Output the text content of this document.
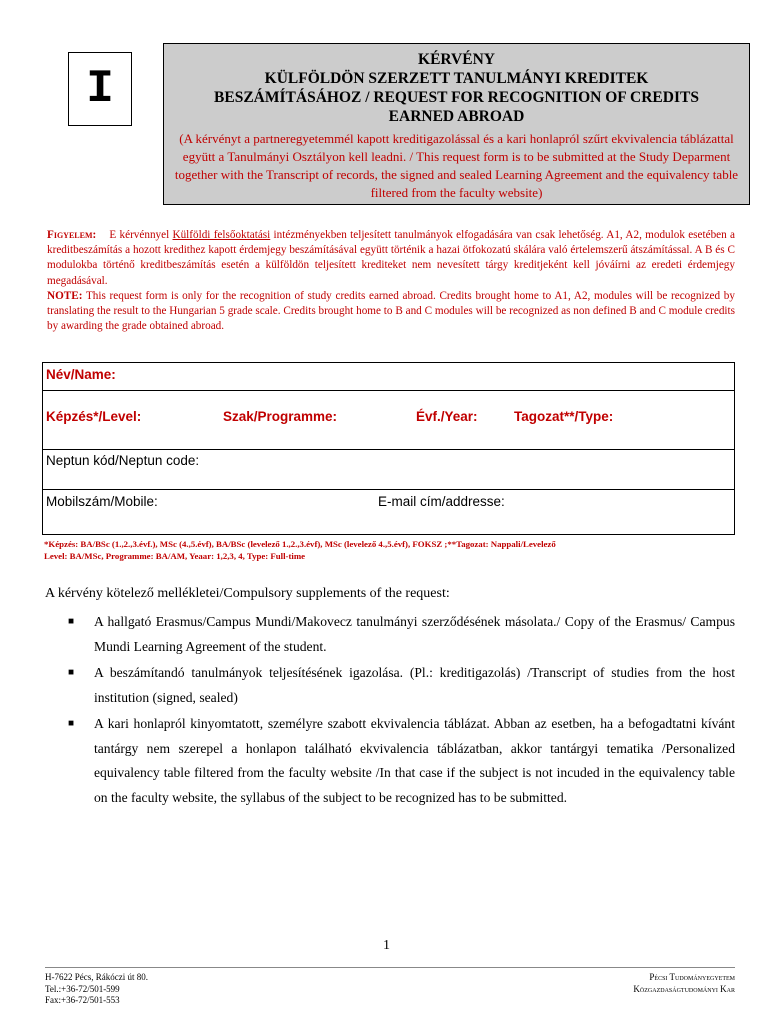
I
KÉRVÉNY
KÜLFÖLDÖN SZERZETT TANULMÁNYI KREDITEK
BESZÁMÍTÁSÁHOZ / REQUEST FOR RECOGNITION OF CREDITS
EARNED ABROAD
(A kérvényt a partneregyetemmél kapott kreditigazolással és a kari honlapról szűrt ekvivalencia táblázattal együtt a Tanulmányi Osztályon kell leadni. / This request form is to be submitted at the Study Deparment together with the Transcript of records, the signed and sealed Learning Agreement and the equivalency table filtered from the faculty website)
Figyelem: E kérvénnyel Külföldi felsőoktatási intézményekben teljesített tanulmányok elfogadására van csak lehetőség. A1, A2, modulok esetében a kreditbeszámítás a hozott kredithez kapott érdemjegy beszámításával együtt történik a hazai ötfokozatú skálára való értelemszerű átszámítással. A B és C modulokba történő kreditbeszámítás esetén a külföldön teljesített krediteket nem nevesített tárgy kreditjeként kell jóváírni az eredeti érdemjegy megadásával.
NOTE: This request form is only for the recognition of study credits earned abroad. Credits brought home to A1, A2, modules will be recognized by translating the result to the Hungarian 5 grade scale. Credits brought home to B and C modules will be recognized as non defined B and C module credits by awarding the grade obtained abroad.
Név/Name:
Képzés*/Level:	Szak/Programme:	Évf./Year:	Tagozat**/Type:
Neptun kód/Neptun code:
Mobilszám/Mobile:	E-mail cím/addresse:
*Képzés: BA/BSc (1.,2.,3.évf.), MSc (4.,5.évf), BA/BSc (levelező 1.,2.,3.évf), MSc (levelező 4.,5.évf), FOKSZ ;**Tagozat: Nappali/Levelező
Level: BA/MSc, Programme: BA/AM, Yeaar: 1,2,3, 4, Type: Full-time
A kérvény kötelező mellékletei/Compulsory supplements of the request:
■ A hallgató Erasmus/Campus Mundi/Makovecz tanulmányi szerződésének másolata./ Copy of the Erasmus/ Campus Mundi Learning Agreement of the student.
■ A beszámítandó tanulmányok teljesítésének igazolása. (Pl.: kreditigazolás) /Transcript of studies from the host institution (signed, sealed)
■ A kari honlapról kinyomtatott, személyre szabott ekvivalencia táblázat. Abban az esetben, ha a befogadtatni kívánt tantárgy nem szerepel a honlapon található ekvivalencia táblázatban, akkor tantárgyi tematika /Personalized equivalency table filtered from the faculty website /In that case if the subject is not incuded in the equivalency table on the faculty website, the syllabus of the subject to be recognized has to be submitted.
1
H-7622 Pécs, Rákóczi út 80.
Tel.:+36-72/501-599
Fax:+36-72/501-553
Pécsi Tudományegyetem
Közgazdaságtudományi Kar
